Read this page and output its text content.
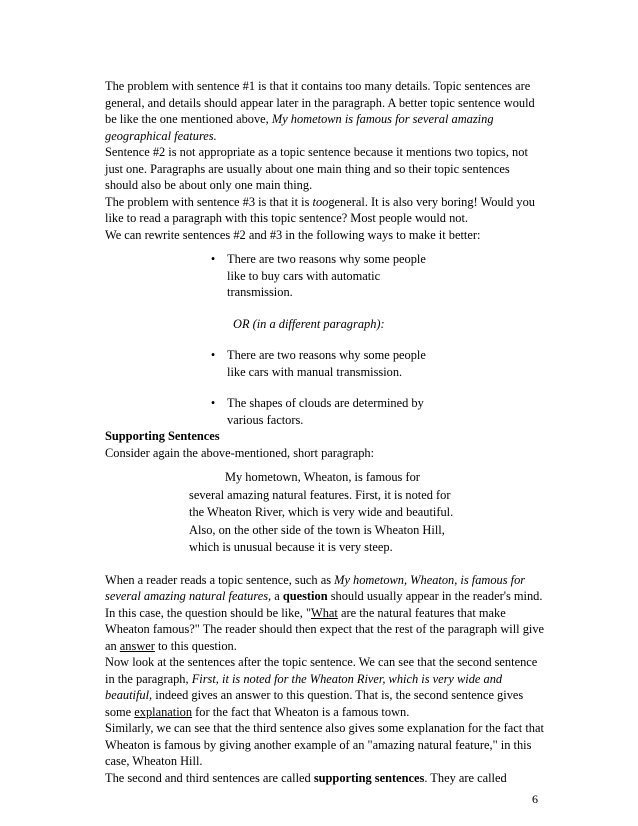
The problem with sentence #1 is that it contains too many details. Topic sentences are general, and details should appear later in the paragraph. A better topic sentence would be like the one mentioned above, My hometown is famous for several amazing geographical features.

Sentence #2 is not appropriate as a topic sentence because it mentions two topics, not just one. Paragraphs are usually about one main thing and so their topic sentences should also be about only one main thing.

The problem with sentence #3 is that it is toogeneral. It is also very boring! Would you like to read a paragraph with this topic sentence? Most people would not.

We can rewrite sentences #2 and #3 in the following ways to make it better:

• There are two reasons why some people like to buy cars with automatic transmission.

OR (in a different paragraph):

• There are two reasons why some people like cars with manual transmission.
• The shapes of clouds are determined by various factors.

Supporting Sentences

Consider again the above-mentioned, short paragraph:

My hometown, Wheaton, is famous for
several amazing natural features. First, it is noted for the Wheaton River, which is very wide and beautiful. Also, on the other side of the town is Wheaton Hill, which is unusual because it is very steep.

When a reader reads a topic sentence, such as My hometown, Wheaton, is famous for several amazing natural features, a question should usually appear in the reader's mind. In this case, the question should be like, "What are the natural features that make Wheaton famous?" The reader should then expect that the rest of the paragraph will give an answer to this question.

Now look at the sentences after the topic sentence. We can see that the second sentence in the paragraph, First, it is noted for the Wheaton River, which is very wide and beautiful, indeed gives an answer to this question. That is, the second sentence gives some explanation for the fact that Wheaton is a famous town.

Similarly, we can see that the third sentence also gives some explanation for the fact that Wheaton is famous by giving another example of an "amazing natural feature," in this case, Wheaton Hill.

The second and third sentences are called supporting sentences. They are called

6
